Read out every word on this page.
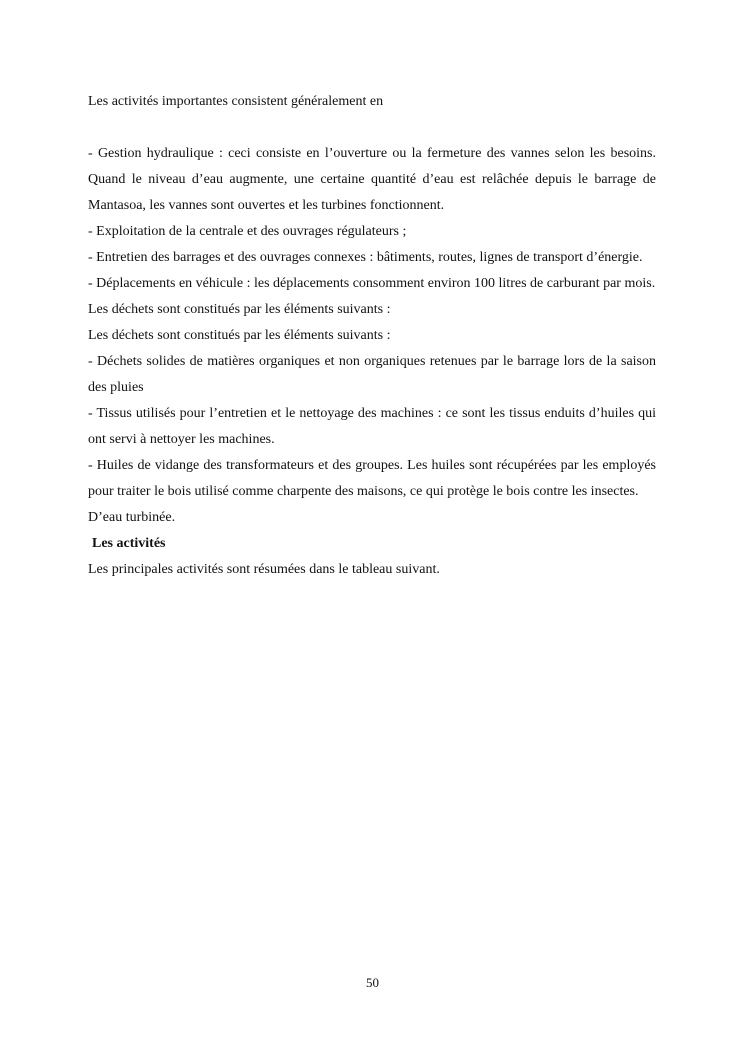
Les activités importantes consistent généralement en

- Gestion hydraulique : ceci consiste en l’ouverture ou la fermeture des vannes selon les besoins. Quand le niveau d’eau augmente, une certaine quantité d’eau est relâchée depuis le barrage de Mantasoa, les vannes sont ouvertes et les turbines fonctionnent.

- Exploitation de la centrale et des ouvrages régulateurs ;

- Entretien des barrages et des ouvrages connexes : bâtiments, routes, lignes de transport d’énergie.

- Déplacements en véhicule : les déplacements consomment environ 100 litres de carburant par mois.

Les déchets sont constitués par les éléments suivants :

Les déchets sont constitués par les éléments suivants :

- Déchets solides de matières organiques et non organiques retenues par le barrage lors de la saison des pluies

- Tissus utilisés pour l’entretien et le nettoyage des machines : ce sont les tissus enduits d’huiles qui ont servi à nettoyer les machines.

- Huiles de vidange des transformateurs et des groupes. Les huiles sont récupérées par les employés pour traiter le bois utilisé comme charpente des maisons, ce qui protège le bois contre les insectes.

D’eau turbinée.

Les activités

Les principales activités sont résumées dans le tableau suivant.

50
